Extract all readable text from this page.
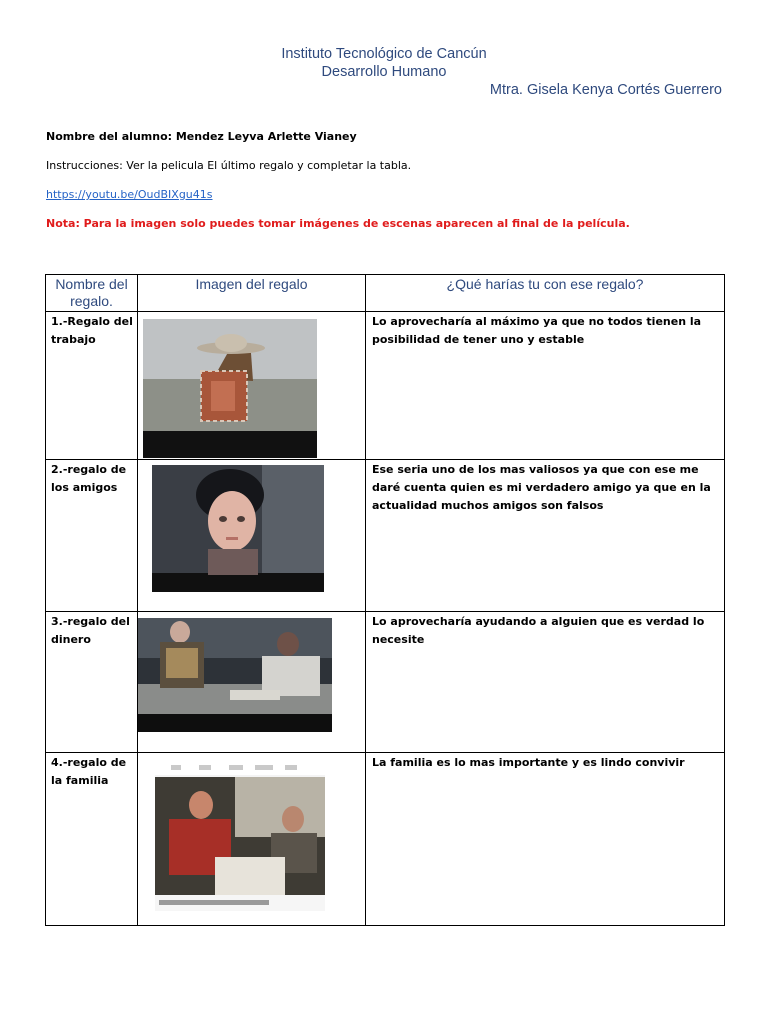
Instituto Tecnológico de Cancún
Desarrollo Humano
Mtra. Gisela Kenya Cortés Guerrero
Nombre del alumno: Mendez Leyva Arlette Vianey
Instrucciones: Ver la pelicula El último regalo y completar la tabla.
https://youtu.be/OudBIXgu41s
Nota: Para la imagen solo puedes tomar imágenes de escenas aparecen al final de la película.
Nombre del regalo.	Imagen del regalo	¿Qué harías tu con ese regalo?
1.-Regalo del trabajo		Lo aprovecharía al máximo ya que no todos tienen la posibilidad de tener uno y estable
2.-regalo de los amigos		Ese seria uno de los mas valiosos ya que con ese me daré cuenta quien es mi verdadero amigo ya que en la actualidad muchos amigos son falsos
3.-regalo del dinero		Lo aprovecharía ayudando a alguien que es verdad lo necesite
4.-regalo de la familia		La familia es lo mas importante y es lindo convivir
